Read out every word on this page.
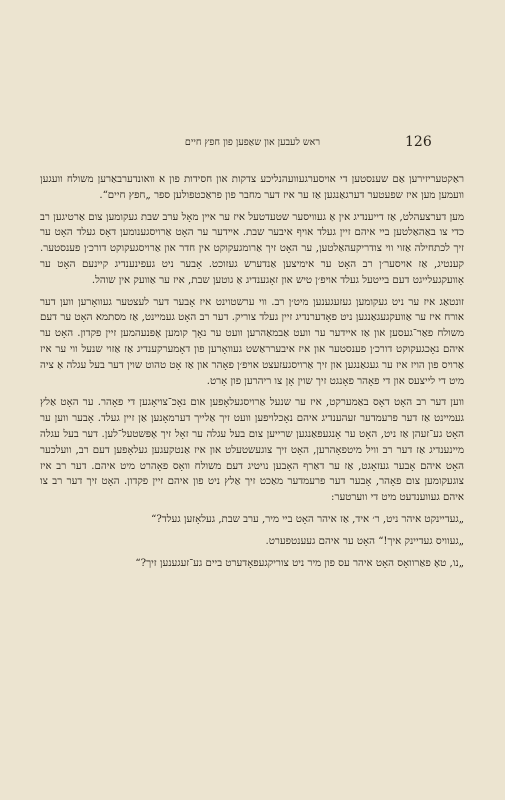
ראש לעבען און שאַפען פון חפץ חיים	126

ראַקטעריזירען אַם שענסטען די אויסערגעוועהנליכע צדקות און חסידות פון א וואונדערבאַרען משולח וועגען וועמען מען איז שפעטער דערגאַנגען אַז ער איז דער מחבר פון פראַכטפולען ספר „חפץ חיים“.

מען דערצעהלט, אַז דייענדיג אין אַ געוויסער שטעדטעל איז ער איין מאָל ערב שבת געקומען צום אַרטיגען רב כדי צו באַהאַלטען ביי איהם זיין געלד אויף איבער שבת. אײדער ער האָט אַרויסגענומען דאָס געלד האָט ער זיך לכתחילה אַזוי ווי צודריקעהאַלטען, ער האָט זיך אַרומגעקוקט אין חדר און אַרויסגעקוקט דורכ׳ן פענסטער. קענטיג, אַז אויסער׳ן רב האָט ער אימיצען אַנדערש געזוכט. אָבער ניט געפינענדיג קיינעם האָט ער אָוועקגעלייגט דעם בייטעל געלד אויפ׳ן טיש און זאָגענדיג אַ גוטען שבת, איז ער אַוועק אין שוהל.

זונטאַג איז ער ניט געקומען געזעגענען מיט׳ן רב. ווי ערשטוינט איז אָבער דער לעצטער געוואָרען ווען דער אורח איז ער אַוועקגעגאַנגען ניט פאָדערנדיג זיין געלד צוריק. דער רב האָט געמיינט, אַז מסתמא האָט ער דעם משולח פאַר־געסען און אַז איידער ער וועט אַבמאַהרען וועט ער נאָך קומען אָפּנעהמען זיין פקדון. האָט ער איהם נאָכגעקוקט דורכ׳ן פענסטער און איז איבערראַשט געוואָרען פון דאָמערקענדיג אַז אַזוי שנעל ווי ער איז אַרויס פון הויז איז ער געגאַנגען און זיך אַרויסגעזעצט אויפ׳ן פאָהר און אַז אָט טהוט שוין דער בעל עגלה אַ ציה מיט די לייצעס און די פאָהר פאָנגט זיך שוין אָן צו ריהרען פון אָרט.

ווען דער רב האָט דאָס באַמערקט, איז ער שנעל אַרויסגעלאָפען אום נאָכ־צויאָגען די פאָהר. ער האָט אַלץ געמיינט אַז דער פרעמדער זעהענדיג איהם נאָכלויפען וועט זיך אַלייך דערמאָנען אַן זיין געלד. אָבער ווען ער האָט גע־זעהן אַז ניט, האָט ער אָנגעפאַנגען שרייען צום בעל עגלה ער זאָל זיך אָפּשטעל־לען. דער בעל עגלה מיינענדיג אַז דער רב וויל מיטפאָהרען, האָט זיך צוגעשטעלט און איז אַנטקעגען געלאָפען דעם רב, וועלכער האָט איהם אָבער געזאָגט, אַז ער דאַרף האָבען נויטיג דעם משולח וואָס פאָהרט מיט איהם. דער רב איז צוגעקומען צום פאָהר, אָבער דער פרעמדער מאַכט זיך אַלץ ניט פון איהם זיין פקדון. האָט זיך דער רב צו איהם געווענדעט מיט די ווערטער:

„געדיינקט איהר ניט, ר׳ איד, אַז איהר האָט ביי מיר, ערב שבת, געלאָזען געלד?“

„געוויס געדיינק איך!“ האָט ער איהם געענטפערט.

„נו, טאָ פאַרוואָס האָט איהר עס פון מיר ניט צוריקגעפאָדערט ביים גע־זעגענען זיך?“
